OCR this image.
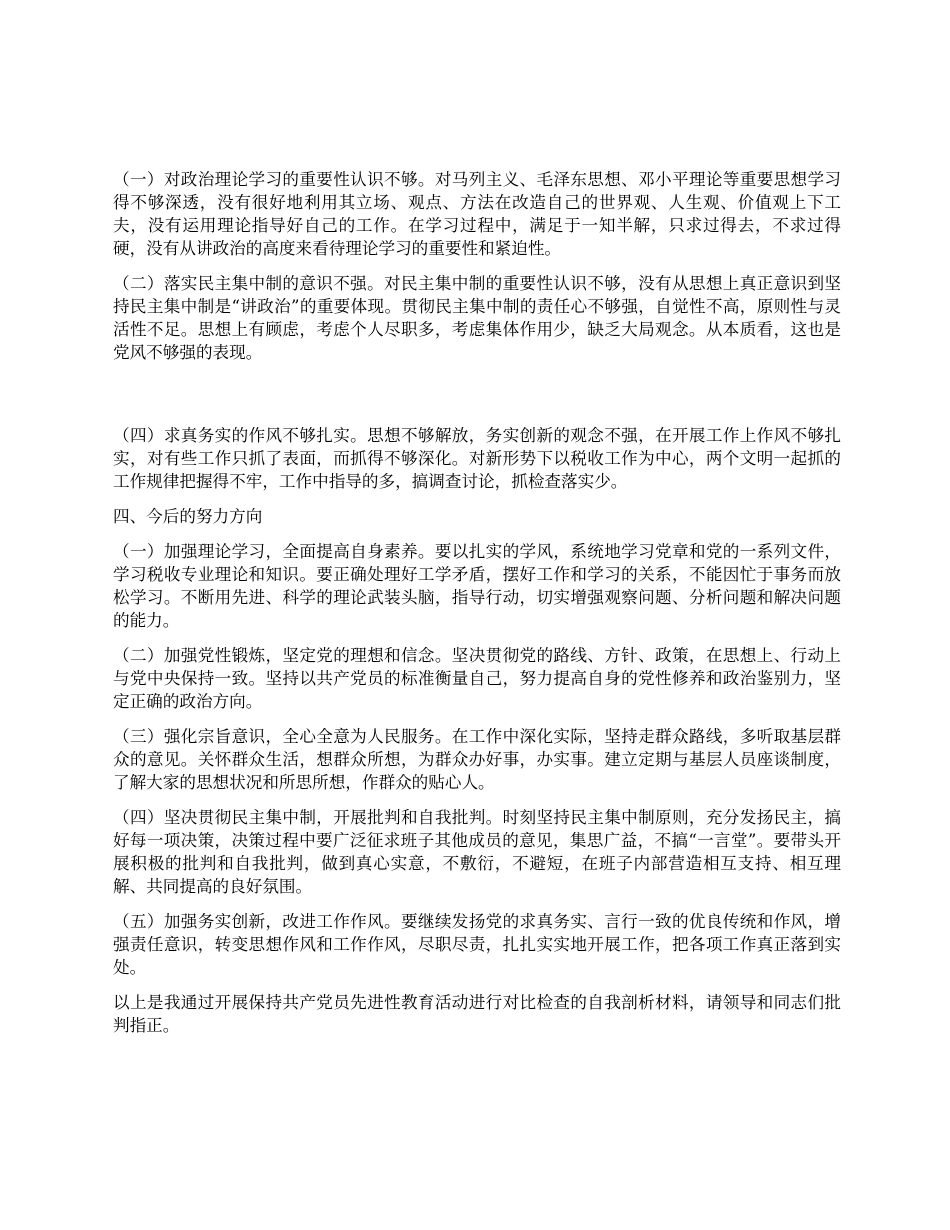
（一）对政治理论学习的重要性认识不够。对马列主义、毛泽东思想、邓小平理论等重要思想学习得不够深透，没有很好地利用其立场、观点、方法在改造自己的世界观、人生观、价值观上下工夫，没有运用理论指导好自己的工作。在学习过程中，满足于一知半解，只求过得去，不求过得硬，没有从讲政治的高度来看待理论学习的重要性和紧迫性。

（二）落实民主集中制的意识不强。对民主集中制的重要性认识不够，没有从思想上真正意识到坚持民主集中制是“讲政治”的重要体现。贯彻民主集中制的责任心不够强，自觉性不高，原则性与灵活性不足。思想上有顾虑，考虑个人尽职多，考虑集体作用少，缺乏大局观念。从本质看，这也是党风不够强的表现。

（四）求真务实的作风不够扎实。思想不够解放，务实创新的观念不强，在开展工作上作风不够扎实，对有些工作只抓了表面，而抓得不够深化。对新形势下以税收工作为中心，两个文明一起抓的工作规律把握得不牢，工作中指导的多，搞调查讨论，抓检查落实少。

四、今后的努力方向

（一）加强理论学习，全面提高自身素养。要以扎实的学风，系统地学习党章和党的一系列文件，学习税收专业理论和知识。要正确处理好工学矛盾，摆好工作和学习的关系，不能因忙于事务而放松学习。不断用先进、科学的理论武装头脑，指导行动，切实增强观察问题、分析问题和解决问题的能力。

（二）加强党性锻炼，坚定党的理想和信念。坚决贯彻党的路线、方针、政策，在思想上、行动上与党中央保持一致。坚持以共产党员的标准衡量自己，努力提高自身的党性修养和政治鉴别力，坚定正确的政治方向。

（三）强化宗旨意识，全心全意为人民服务。在工作中深化实际，坚持走群众路线，多听取基层群众的意见。关怀群众生活，想群众所想，为群众办好事，办实事。建立定期与基层人员座谈制度，了解大家的思想状况和所思所想，作群众的贴心人。

（四）坚决贯彻民主集中制，开展批判和自我批判。时刻坚持民主集中制原则，充分发扬民主，搞好每一项决策，决策过程中要广泛征求班子其他成员的意见，集思广益，不搞“一言堂”。要带头开展积极的批判和自我批判，做到真心实意，不敷衍，不避短，在班子内部营造相互支持、相互理解、共同提高的良好氛围。

（五）加强务实创新，改进工作作风。要继续发扬党的求真务实、言行一致的优良传统和作风，增强责任意识，转变思想作风和工作作风，尽职尽责，扎扎实实地开展工作，把各项工作真正落到实处。

以上是我通过开展保持共产党员先进性教育活动进行对比检查的自我剖析材料，请领导和同志们批判指正。
